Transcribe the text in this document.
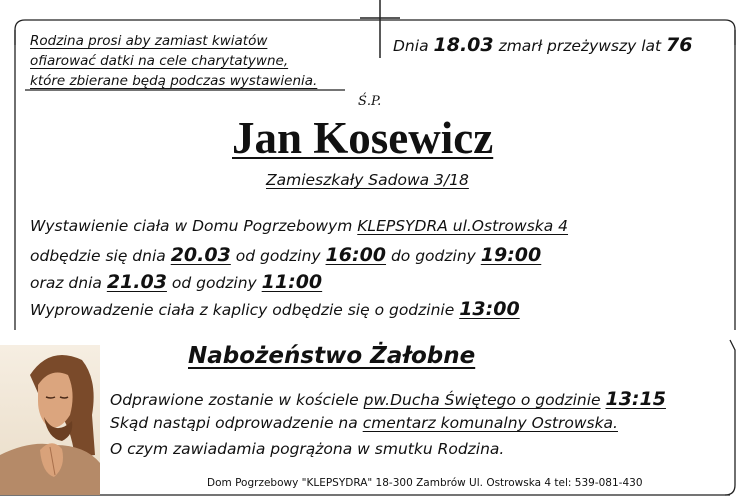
Rodzina prosi aby zamiast kwiatów
ofiarować datki na cele charytatywne,
które zbierane będą podczas wystawienia.
Dnia 18.03 zmarł przeżywszy lat 76
Ś.P.
Jan Kosewicz
Zamieszkały Sadowa 3/18
Wystawienie ciała w Domu Pogrzebowym KLEPSYDRA ul.Ostrowska 4
odbędzie się dnia 20.03 od godziny 16:00 do godziny 19:00
oraz dnia 21.03 od godziny 11:00
Wyprowadzenie ciała z kaplicy odbędzie się o godzinie 13:00
Nabożeństwo Żałobne
Odprawione zostanie w kościele pw.Ducha Świętego o godzinie 13:15
Skąd nastąpi odprowadzenie na cmentarz komunalny Ostrowska.
O czym zawiadamia pogrążona w smutku Rodzina.
Dom Pogrzebowy "KLEPSYDRA" 18-300 Zambrów Ul. Ostrowska 4 tel: 539-081-430
